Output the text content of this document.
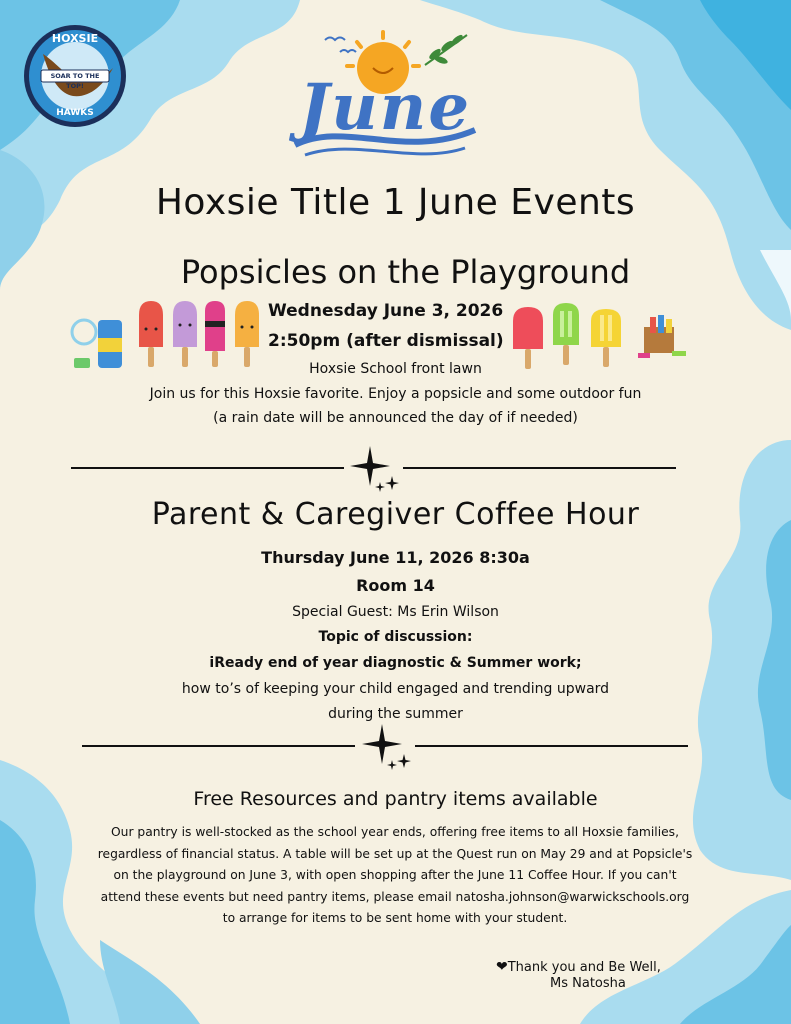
HOXSIE
SOAR TO THE TOP!
HAWKS	June
Hoxsie Title 1 June Events
Popsicles on the Playground
Wednesday June 3, 2026
2:50pm (after dismissal)
Hoxsie School front lawn
Join us for this Hoxsie favorite. Enjoy a popsicle and some outdoor fun
(a rain date will be announced the day of if needed)
Parent & Caregiver Coffee Hour
Thursday June 11, 2026 8:30a
Room 14
Special Guest: Ms Erin Wilson
Topic of discussion:
iReady end of year diagnostic & Summer work;
how to’s of keeping your child engaged and trending upward
during the summer
Free Resources and pantry items available
Our pantry is well-stocked as the school year ends, offering free items to all Hoxsie families, regardless of financial status. A table will be set up at the Quest run on May 29 and at Popsicle's on the playground on June 3, with open shopping after the June 11 Coffee Hour. If you can't attend these events but need pantry items, please email natosha.johnson@warwickschools.org to arrange for items to be sent home with your student.
❤Thank you and Be Well,
Ms Natosha
